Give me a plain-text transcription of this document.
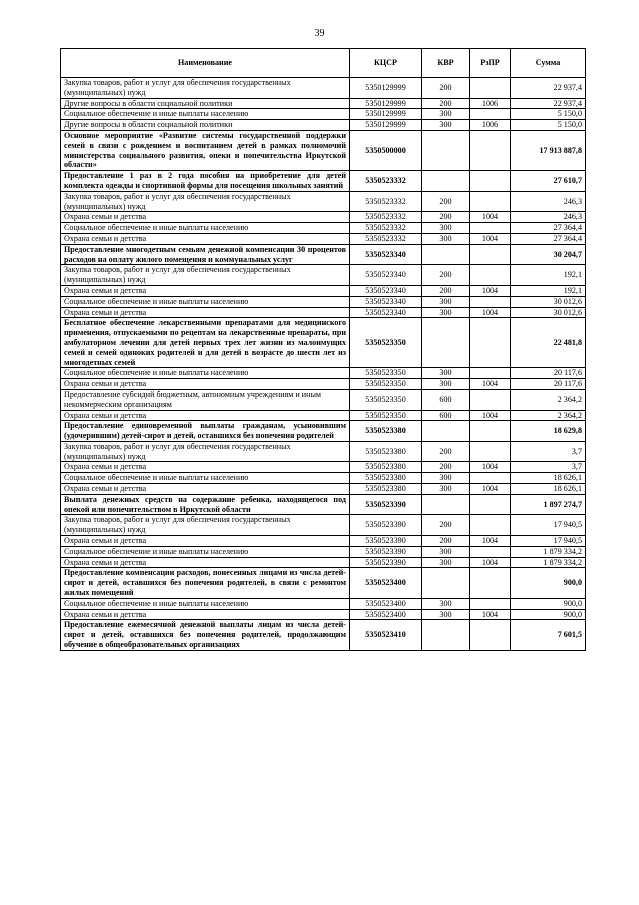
39
Наименование	КЦСР	КВР	РзПР	Сумма
Закупка товаров, работ и услуг для обеспечения государственных (муниципальных) нужд	5350129999	200		22 937,4
Другие вопросы в области социальной политики	5350129999	200	1006	22 937,4
Социальное обеспечение и иные выплаты населению	5350129999	300		5 150,0
Другие вопросы в области социальной политики	5350129999	300	1006	5 150,0
Основное мероприятие «Развитие системы государственной поддержки семей в связи с рождением и воспитанием детей в рамках полномочий министерства социального развития, опеки и попечительства Иркутской области»	5350500000			17 913 887,8
Предоставление 1 раз в 2 года пособия на приобретение для детей комплекта одежды и спортивной формы для посещения школьных занятий	5350523332			27 610,7
Закупка товаров, работ и услуг для обеспечения государственных (муниципальных) нужд	5350523332	200		246,3
Охрана семьи и детства	5350523332	200	1004	246,3
Социальное обеспечение и иные выплаты населению	5350523332	300		27 364,4
Охрана семьи и детства	5350523332	300	1004	27 364,4
Предоставление многодетным семьям денежной компенсации 30 процентов расходов на оплату жилого помещения и коммунальных услуг	5350523340			30 204,7
Закупка товаров, работ и услуг для обеспечения государственных (муниципальных) нужд	5350523340	200		192,1
Охрана семьи и детства	5350523340	200	1004	192,1
Социальное обеспечение и иные выплаты населению	5350523340	300		30 012,6
Охрана семьи и детства	5350523340	300	1004	30 012,6
Бесплатное обеспечение лекарственными препаратами для медицинского применения, отпускаемыми по рецептам на лекарственные препараты, при амбулаторном лечении для детей первых трех лет жизни из малоимущих семей и семей одиноких родителей и для детей в возрасте до шести лет из многодетных семей	5350523350			22 481,8
Социальное обеспечение и иные выплаты населению	5350523350	300		20 117,6
Охрана семьи и детства	5350523350	300	1004	20 117,6
Предоставление субсидий бюджетным, автономным учреждениям и иным некоммерческим организациям	5350523350	600		2 364,2
Охрана семьи и детства	5350523350	600	1004	2 364,2
Предоставление единовременной выплаты гражданам, усыновившим (удочерившим) детей-сирот и детей, оставшихся без попечения родителей	5350523380			18 629,8
Закупка товаров, работ и услуг для обеспечения государственных (муниципальных) нужд	5350523380	200		3,7
Охрана семьи и детства	5350523380	200	1004	3,7
Социальное обеспечение и иные выплаты населению	5350523380	300		18 626,1
Охрана семьи и детства	5350523380	300	1004	18 626,1
Выплата денежных средств на содержание ребенка, находящегося под опекой или попечительством в Иркутской области	5350523390			1 897 274,7
Закупка товаров, работ и услуг для обеспечения государственных (муниципальных) нужд	5350523390	200		17 940,5
Охрана семьи и детства	5350523390	200	1004	17 940,5
Социальное обеспечение и иные выплаты населению	5350523390	300		1 879 334,2
Охрана семьи и детства	5350523390	300	1004	1 879 334,2
Предоставление компенсации расходов, понесенных лицами из числа детей-сирот и детей, оставшихся без попечения родителей, в связи с ремонтом жилых помещений	5350523400			900,0
Социальное обеспечение и иные выплаты населению	5350523400	300		900,0
Охрана семьи и детства	5350523400	300	1004	900,0
Предоставление ежемесячной денежной выплаты лицам из числа детей-сирот и детей, оставшихся без попечения родителей, продолжающим обучение в общеобразовательных организациях	5350523410			7 601,5
